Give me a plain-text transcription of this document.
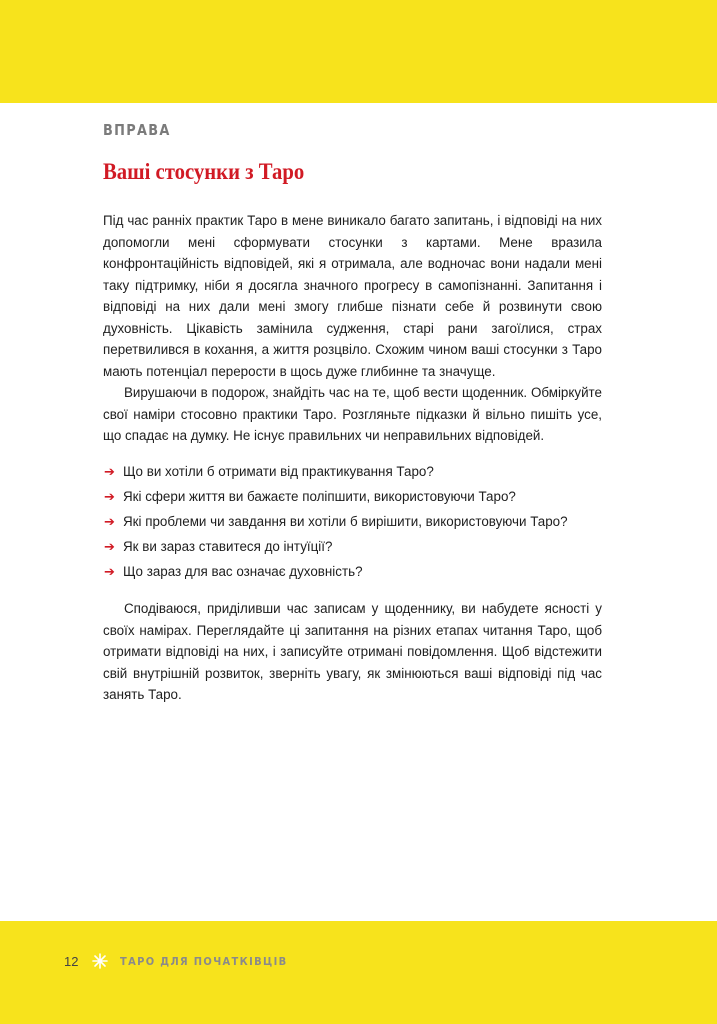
ВПРАВА
Ваші стосунки з Таро

Під час ранніх практик Таро в мене виникало багато запитань, і відповіді на них допомогли мені сформувати стосунки з картами. Мене вразила конфронтаційність відповідей, які я отримала, але водночас вони надали мені таку підтримку, ніби я досягла значного прогресу в самопізнанні. Запитання і відповіді на них дали мені змогу глибше пізнати себе й розвинути свою духовність. Цікавість замінила судження, старі рани загоїлися, страх перетвилився в кохання, а життя розцвіло. Схожим чином ваші стосунки з Таро мають потенціал перерости в щось дуже глибинне та значуще.

Вирушаючи в подорож, знайдіть час на те, щоб вести щоденник. Обміркуйте свої наміри стосовно практики Таро. Розгляньте підказки й вільно пишіть усе, що спадає на думку. Не існує правильних чи неправильних відповідей.

➔ Що ви хотіли б отримати від практикування Таро?
➔ Які сфери життя ви бажаєте поліпшити, використовуючи Таро?
➔ Які проблеми чи завдання ви хотіли б вирішити, використовуючи Таро?
➔ Як ви зараз ставитеся до інтуїції?
➔ Що зараз для вас означає духовність?

Сподіваюся, приділивши час записам у щоденнику, ви набудете ясності у своїх намірах. Переглядайте ці запитання на різних етапах читання Таро, щоб отримати відповіді на них, і записуйте отримані повідомлення. Щоб відстежити свій внутрішній розвиток, зверніть увагу, як змінюються ваші відповіді під час занять Таро.

12	ТАРО ДЛЯ ПОЧАТКІВЦІВ
